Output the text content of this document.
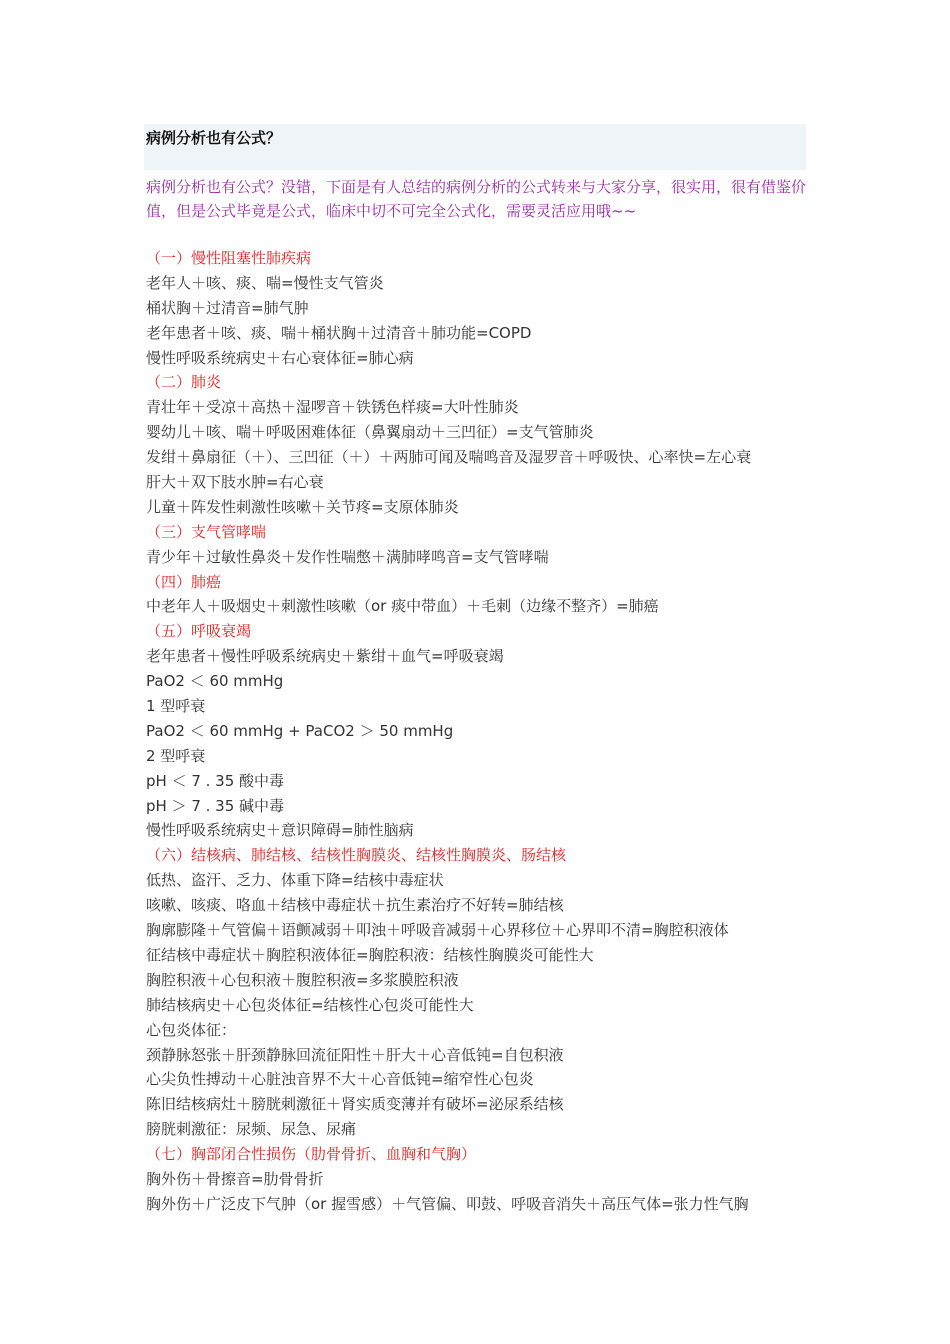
病例分析也有公式？
病例分析也有公式？没错，下面是有人总结的病例分析的公式转来与大家分享，很实用，很有借鉴价值，但是公式毕竟是公式，临床中切不可完全公式化，需要灵活应用哦~~
（一）慢性阻塞性肺疾病
老年人＋咳、痰、喘=慢性支气管炎
桶状胸＋过清音=肺气肿
老年患者＋咳、痰、喘＋桶状胸＋过清音＋肺功能=COPD
慢性呼吸系统病史＋右心衰体征=肺心病
（二）肺炎
青壮年＋受凉＋高热＋湿啰音＋铁锈色样痰=大叶性肺炎
婴幼儿＋咳、喘＋呼吸困难体征（鼻翼扇动＋三凹征）=支气管肺炎
发绀＋鼻扇征（＋）、三凹征（＋）＋两肺可闻及喘鸣音及湿罗音＋呼吸快、心率快=左心衰
肝大＋双下肢水肿=右心衰
儿童＋阵发性刺激性咳嗽＋关节疼=支原体肺炎
（三）支气管哮喘
青少年＋过敏性鼻炎＋发作性喘憋＋满肺哮鸣音=支气管哮喘
（四）肺癌
中老年人＋吸烟史＋刺激性咳嗽（or 痰中带血）＋毛刺（边缘不整齐）=肺癌
（五）呼吸衰竭
老年患者＋慢性呼吸系统病史＋紫绀＋血气=呼吸衰竭
PaO2 ＜ 60 mmHg
1 型呼衰
PaO2 ＜ 60 mmHg + PaCO2 ＞ 50 mmHg
2 型呼衰
pH ＜ 7 . 35 酸中毒
pH ＞ 7 . 35 碱中毒
慢性呼吸系统病史＋意识障碍=肺性脑病
（六）结核病、肺结核、结核性胸膜炎、结核性胸膜炎、肠结核
低热、盗汗、乏力、体重下降=结核中毒症状
咳嗽、咳痰、咯血＋结核中毒症状＋抗生素治疗不好转=肺结核
胸廓膨隆＋气管偏＋语颤减弱＋叩浊＋呼吸音减弱＋心界移位＋心界叩不清=胸腔积液体
征结核中毒症状＋胸腔积液体征=胸腔积液：结核性胸膜炎可能性大
胸腔积液＋心包积液＋腹腔积液=多浆膜腔积液
肺结核病史＋心包炎体征=结核性心包炎可能性大
心包炎体征：
颈静脉怒张＋肝颈静脉回流征阳性＋肝大＋心音低钝=自包积液
心尖负性搏动＋心脏浊音界不大＋心音低钝=缩窄性心包炎
陈旧结核病灶＋膀胱刺激征＋肾实质变薄并有破坏=泌尿系结核
膀胱刺激征：尿频、尿急、尿痛
（七）胸部闭合性损伤（肋骨骨折、血胸和气胸）
胸外伤＋骨擦音=肋骨骨折
胸外伤＋广泛皮下气肿（or 握雪感）＋气管偏、叩鼓、呼吸音消失＋高压气体=张力性气胸
